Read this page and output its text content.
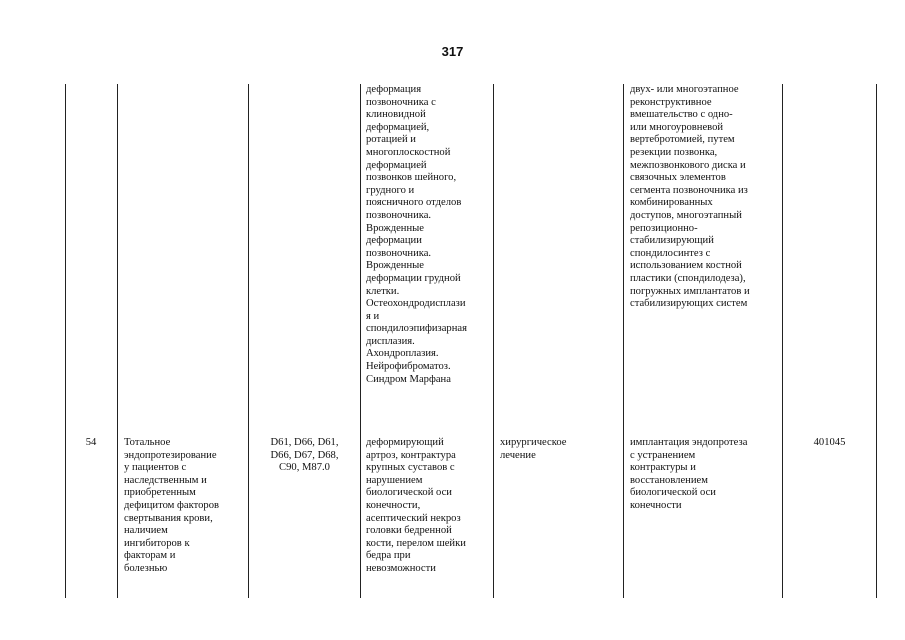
317
деформация
позвоночника с
клиновидной
деформацией,
ротацией и
многоплоскостной
деформацией
позвонков шейного,
грудного и
поясничного отделов
позвоночника.
Врожденные
деформации
позвоночника.
Врожденные
деформации грудной
клетки.
Остеохондродисплази
я и
спондилоэпифизарная
дисплазия.
Ахондроплазия.
Нейрофиброматоз.
Синдром Марфана
двух- или многоэтапное
реконструктивное
вмешательство с одно-
или многоуровневой
вертебротомией, путем
резекции позвонка,
межпозвонкового диска и
связочных элементов
сегмента позвоночника из
комбинированных
доступов, многоэтапный
репозиционно-
стабилизирующий
спондилосинтез с
использованием костной
пластики (спондилодеза),
погружных имплантатов и
стабилизирующих систем
54	Тотальное
эндопротезирование
у пациентов с
наследственным и
приобретенным
дефицитом факторов
свертывания крови,
наличием
ингибиторов к
факторам и
болезнью
D61, D66, D61,
D66, D67, D68,
C90, M87.0
деформирующий
артроз, контрактура
крупных суставов с
нарушением
биологической оси
конечности,
асептический некроз
головки бедренной
кости, перелом шейки
бедра при
невозможности
хирургическое
лечение
имплантация эндопротеза
с устранением
контрактуры и
восстановлением
биологической оси
конечности
401045
